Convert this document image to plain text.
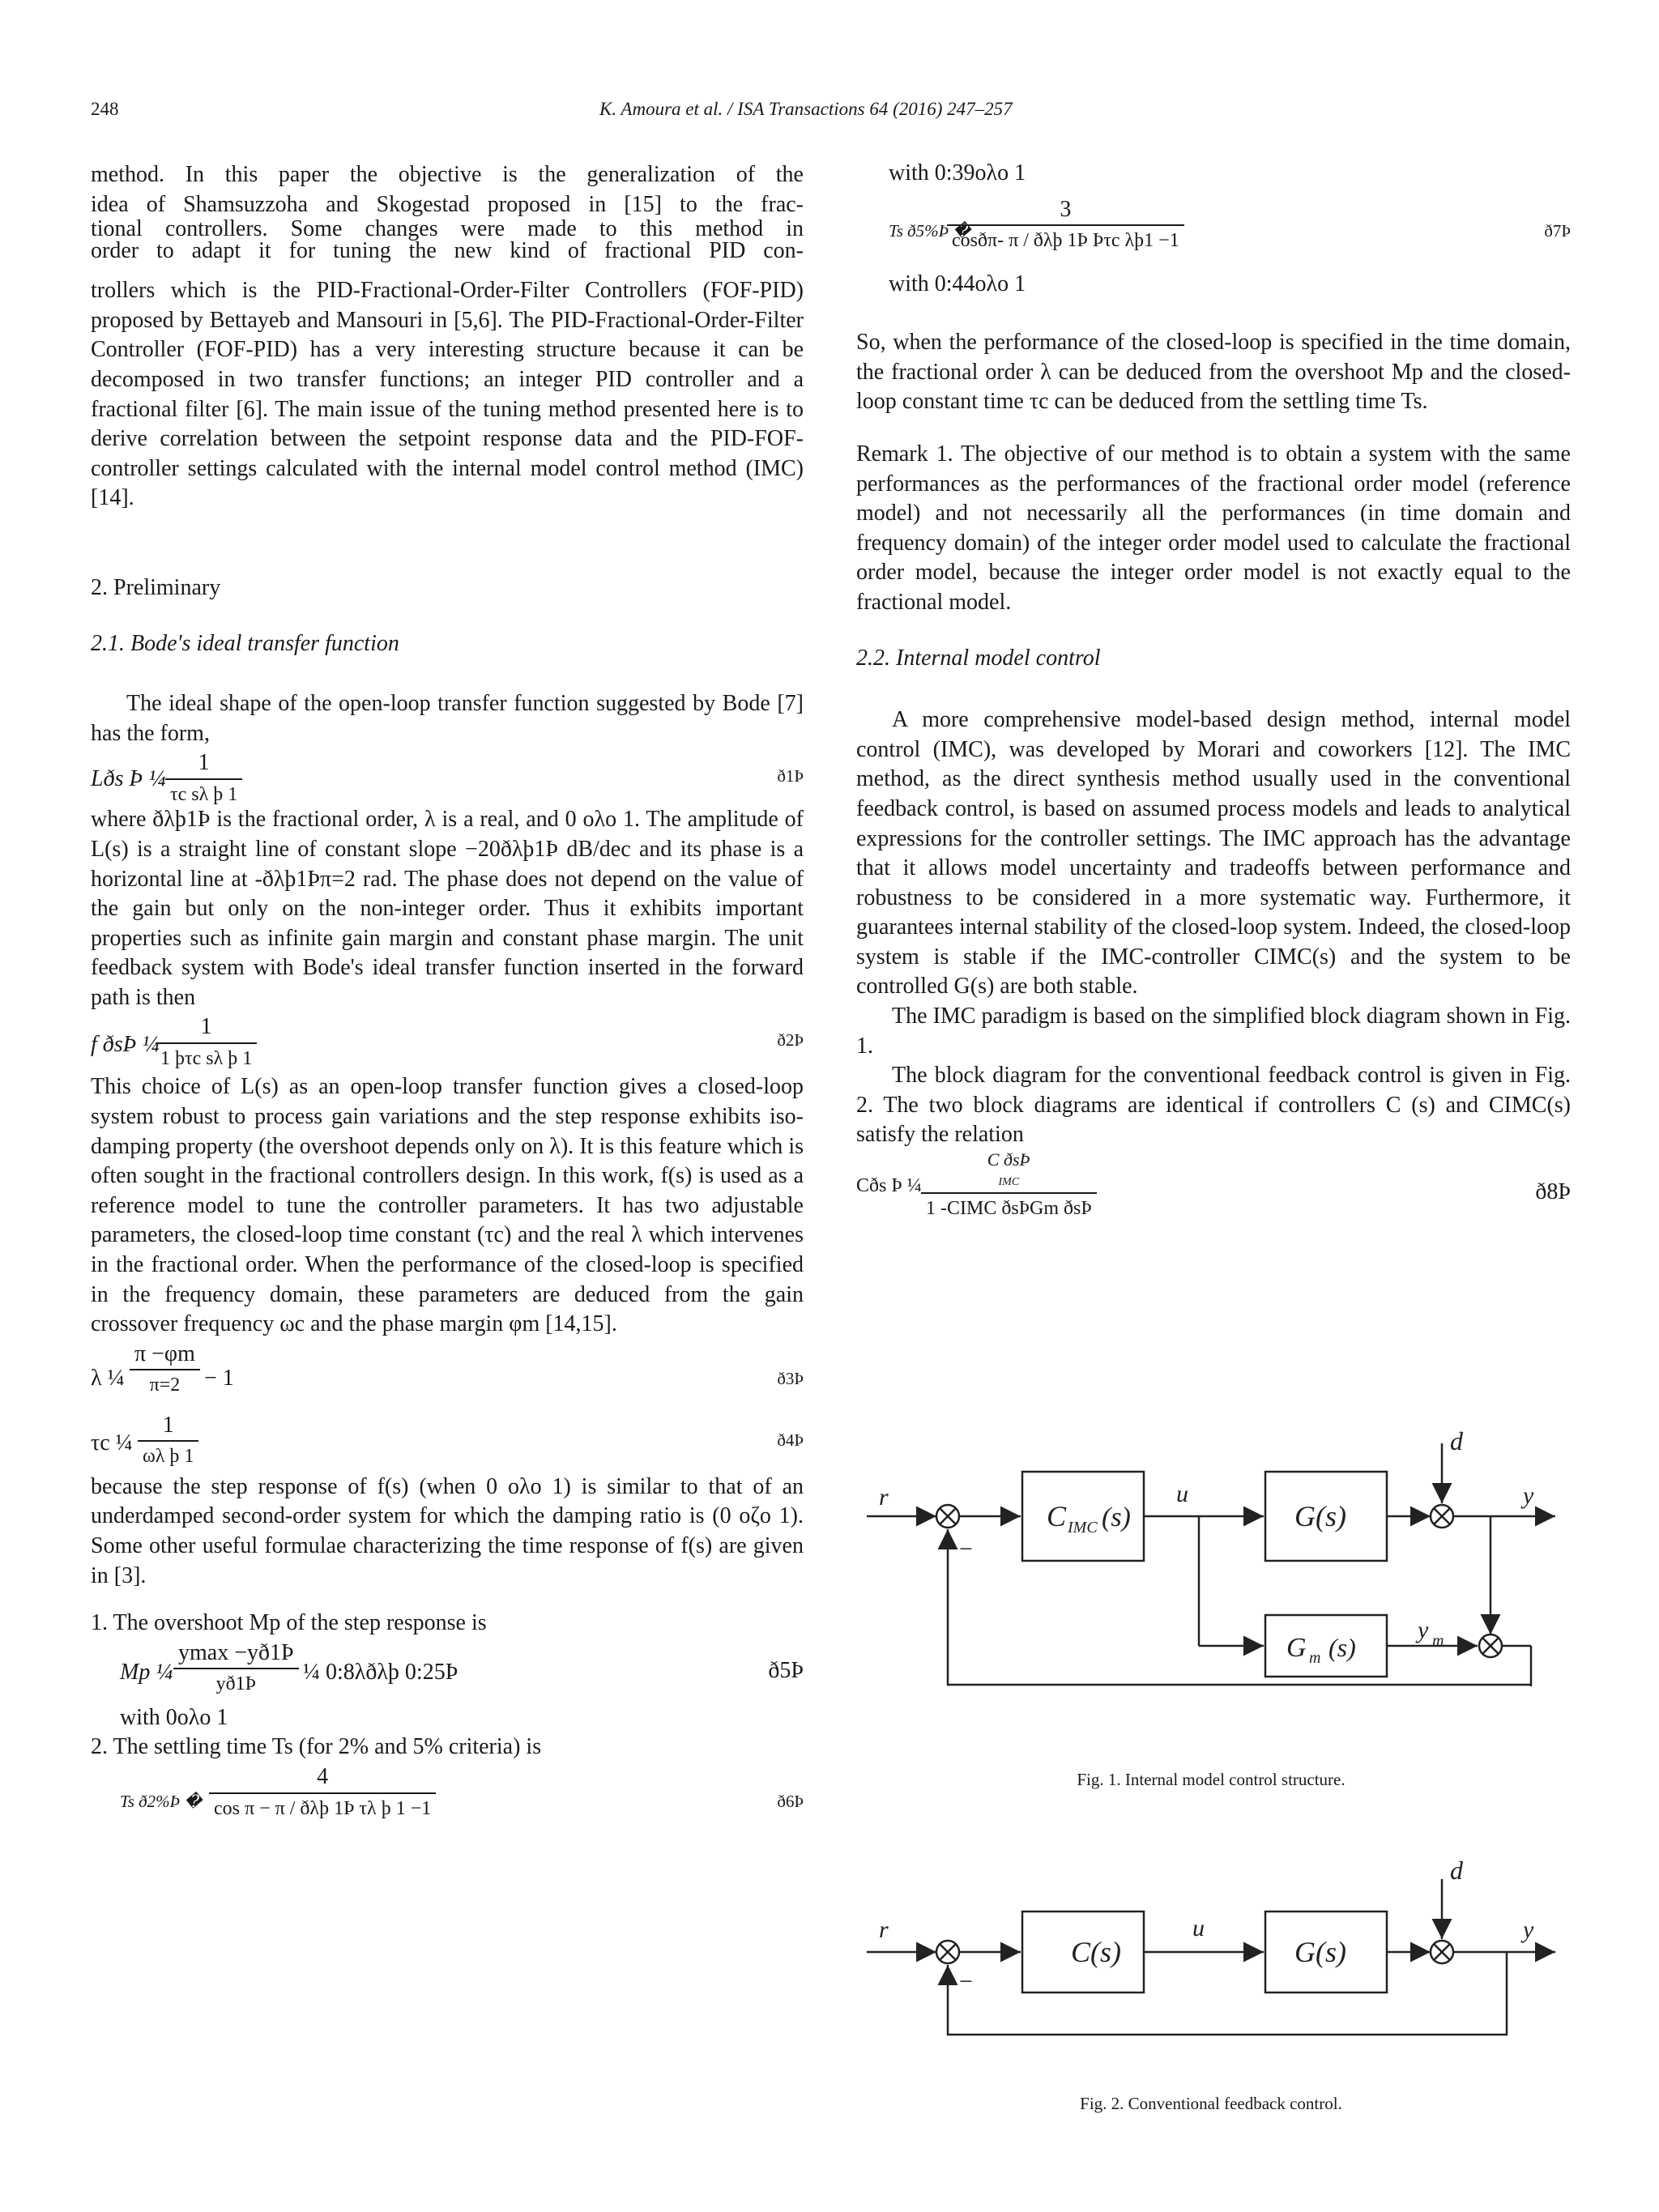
248	K. Amoura et al. / ISA Transactions 64 (2016) 247–257

method. In this paper the objective is the generalization of the

idea of Shamsuzzoha and Skogestad proposed in [15] to the frac-

tional controllers. Some changes were made to this method in

order to adapt it for tuning the new kind of fractional PID con-

trollers which is the PID-Fractional-Order-Filter Controllers (FOF-PID) proposed by Bettayeb and Mansouri in [5,6]. The PID-Fractional-Order-Filter Controller (FOF-PID) has a very interesting structure because it can be decomposed in two transfer functions; an integer PID controller and a fractional filter [6]. The main issue of the tuning method presented here is to derive correlation between the setpoint response data and the PID-FOF-controller settings calculated with the internal model control method (IMC) [14].

2. Preliminary
2.1. Bode's ideal transfer function

The ideal shape of the open-loop transfer function suggested by Bode [7] has the form,

Lðs Þ ¼ $\frac{1}{\text{τc sλ þ 1}}$	ð1Þ

where ðλþ1Þ is the fractional order, λ is a real, and 0 oλo 1. The amplitude of L(s) is a straight line of constant slope −20ðλþ1Þ dB/dec and its phase is a horizontal line at -ðλþ1Þπ=2 rad. The phase does not depend on the value of the gain but only on the non-integer order. Thus it exhibits important properties such as infinite gain margin and constant phase margin. The unit feedback system with Bode's ideal transfer function inserted in the forward path is then

f ðsÞ ¼
1
1 þτc sλ þ 1
ð2Þ

This choice of L(s) as an open-loop transfer function gives a closed-loop system robust to process gain variations and the step response exhibits iso-damping property (the overshoot depends only on λ). It is this feature which is often sought in the fractional controllers design. In this work, f(s) is used as a reference model to tune the controller parameters. It has two adjustable parameters, the closed-loop time constant (τc) and the real λ which intervenes in the fractional order. When the performance of the closed-loop is specified in the frequency domain, these parameters are deduced from the gain crossover frequency ωc and the phase margin φm [14,15].

λ ¼ $\frac{\pi -\varphi m}{\pi=2} - 1$	ð3Þ
τc ¼ $\frac{1}{\text{ωλ þ 1}}$	ð4Þ

because the step response of f(s) (when 0 oλo 1) is similar to that of an underdamped second-order system for which the damping ratio is (0 oζo 1). Some other useful formulae characterizing the time response of f(s) are given in [3].

1. The overshoot Mp of the step response is

Mp ¼
ymax −yð1Þ
yð1Þ	¼ 0:8λðλþ 0:25Þ	ð5Þ

with 0oλo 1

2. The settling time Ts (for 2% and 5% criteria) is

Ts ð2%Þ �
4
cos π − π / ðλþ 1Þ τλ þ 1 −1	ð6Þ

with 0:39oλo 1

Ts ð5%Þ �
3
cosðπ- π / ðλþ 1Þ Þτc λþ1 −1	ð7Þ

with 0:44oλo 1

So, when the performance of the closed-loop is specified in the time domain, the fractional order λ can be deduced from the overshoot Mp and the closed-loop constant time τc can be deduced from the settling time Ts.

Remark 1. The objective of our method is to obtain a system with the same performances as the performances of the fractional order model (reference model) and not necessarily all the performances (in time domain and frequency domain) of the integer order model used to calculate the fractional order model, because the integer order model is not exactly equal to the fractional model.

2.2. Internal model control

A more comprehensive model-based design method, internal model control (IMC), was developed by Morari and coworkers [12]. The IMC method, as the direct synthesis method usually used in the conventional feedback control, is based on assumed process models and leads to analytical expressions for the controller settings. The IMC approach has the advantage that it allows model uncertainty and tradeoffs between performance and robustness to be considered in a more systematic way. Furthermore, it guarantees internal stability of the closed-loop system. Indeed, the closed-loop system is stable if the IMC-controller CIMC(s) and the system to be controlled G(s) are both stable.

The IMC paradigm is based on the simplified block diagram shown in Fig. 1.

The block diagram for the conventional feedback control is given in Fig. 2. The two block diagrams are identical if controllers C (s) and CIMC(s) satisfy the relation

Cðs Þ ¼
C ðsÞ
IMC
1 -CIMC ðsÞGm ðsÞ
ð8Þ
r
−
C IMC (s)
u
G(s)
d
y
y m
G m (s)
Fig. 1. Internal model control structure.
r
−
C(s)
u
G(s)
d
y
Fig. 2. Conventional feedback control.
